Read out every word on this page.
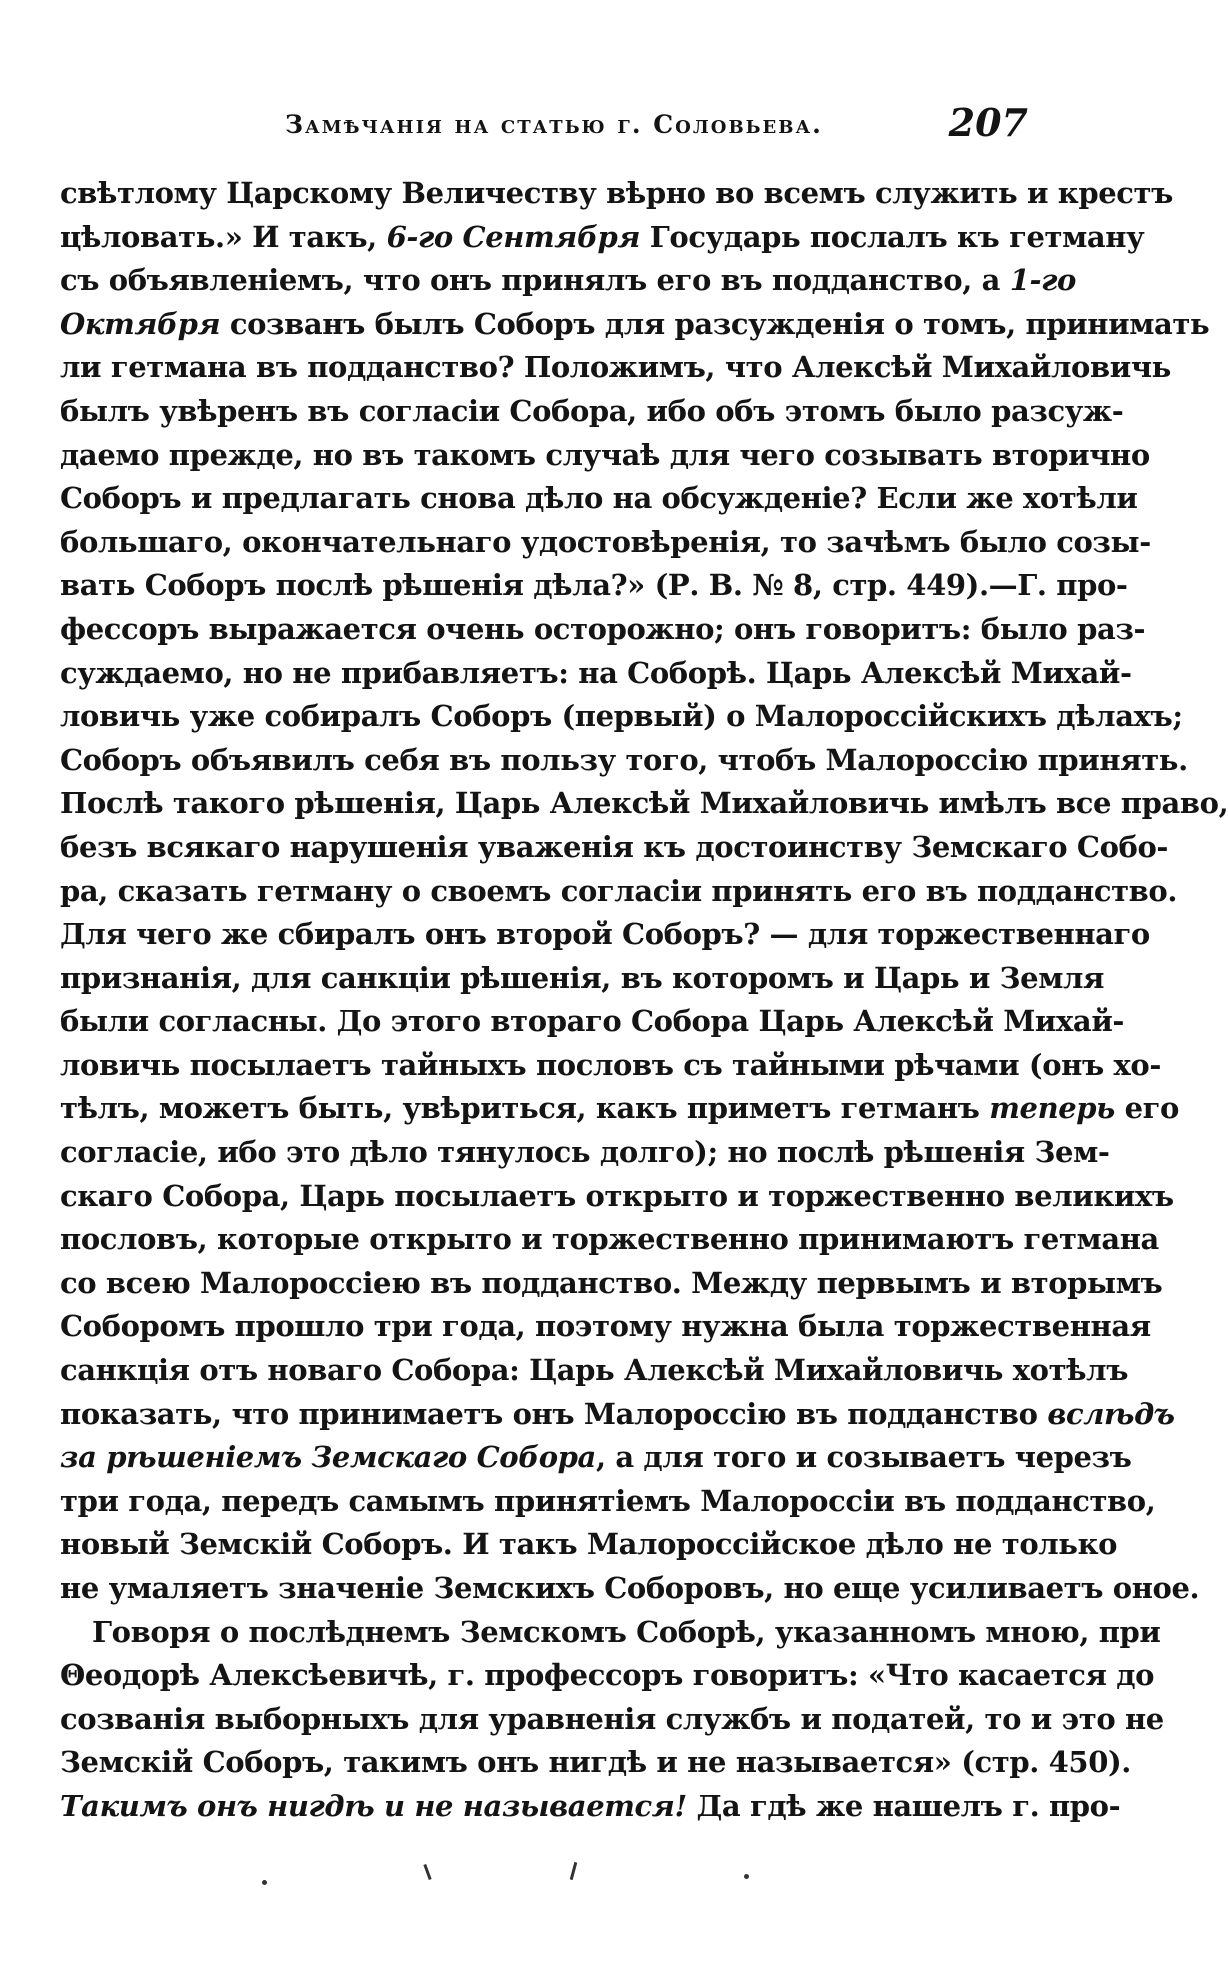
Замѣчанія на статью г. Соловьева.	207
свѣтлому Царскому Величеству вѣрно во всемъ служить и крестъ
цѣловать.» И такъ, 6-го Сентября Государь послалъ къ гетману
съ объявленіемъ, что онъ принялъ его въ подданство, а 1-го
Октября созванъ былъ Соборъ для разсужденія о томъ, принимать
ли гетмана въ подданство? Положимъ, что Алексѣй Михайловичь
былъ увѣренъ въ согласіи Собора, ибо объ этомъ было разсуж-
даемо прежде, но въ такомъ случаѣ для чего созывать вторично
Соборъ и предлагать снова дѣло на обсужденіе? Если же хотѣли
большаго, окончательнаго удостовѣренія, то зачѣмъ было созы-
вать Соборъ послѣ рѣшенія дѣла?» (Р. В. № 8, стр. 449).—Г. про-
фессоръ выражается очень осторожно; онъ говоритъ: было раз-
суждаемо, но не прибавляетъ: на Соборѣ. Царь Алексѣй Михай-
ловичь уже собиралъ Соборъ (первый) о Малороссійскихъ дѣлахъ;
Соборъ объявилъ себя въ пользу того, чтобъ Малороссію принять.
Послѣ такого рѣшенія, Царь Алексѣй Михайловичь имѣлъ все право,
безъ всякаго нарушенія уваженія къ достоинству Земскаго Собо-
ра, сказать гетману о своемъ согласіи принять его въ подданство.
Для чего же сбиралъ онъ второй Соборъ? — для торжественнаго
признанія, для санкціи рѣшенія, въ которомъ и Царь и Земля
были согласны. До этого втораго Собора Царь Алексѣй Михай-
ловичь посылаетъ тайныхъ пословъ съ тайными рѣчами (онъ хо-
тѣлъ, можетъ быть, увѣриться, какъ приметъ гетманъ теперь его
согласіе, ибо это дѣло тянулось долго); но послѣ рѣшенія Зем-
скаго Собора, Царь посылаетъ открыто и торжественно великихъ
пословъ, которые открыто и торжественно принимаютъ гетмана
со всею Малороссіею въ подданство. Между первымъ и вторымъ
Соборомъ прошло три года, поэтому нужна была торжественная
санкція отъ новаго Собора: Царь Алексѣй Михайловичь хотѣлъ
показать, что принимаетъ онъ Малороссію въ подданство вслѣдъ
за рѣшеніемъ Земскаго Собора, а для того и созываетъ черезъ
три года, передъ самымъ принятіемъ Малороссіи въ подданство,
новый Земскій Соборъ. И такъ Малороссійское дѣло не только
не умаляетъ значеніе Земскихъ Соборовъ, но еще усиливаетъ оное.
Говоря о послѣднемъ Земскомъ Соборѣ, указанномъ мною, при
Θеодорѣ Алексѣевичѣ, г. профессоръ говоритъ: «Что касается до
созванія выборныхъ для уравненія службъ и податей, то и это не
Земскій Соборъ, такимъ онъ нигдѣ и не называется» (стр. 450).
Такимъ онъ нигдѣ и не называется! Да гдѣ же нашелъ г. про-
